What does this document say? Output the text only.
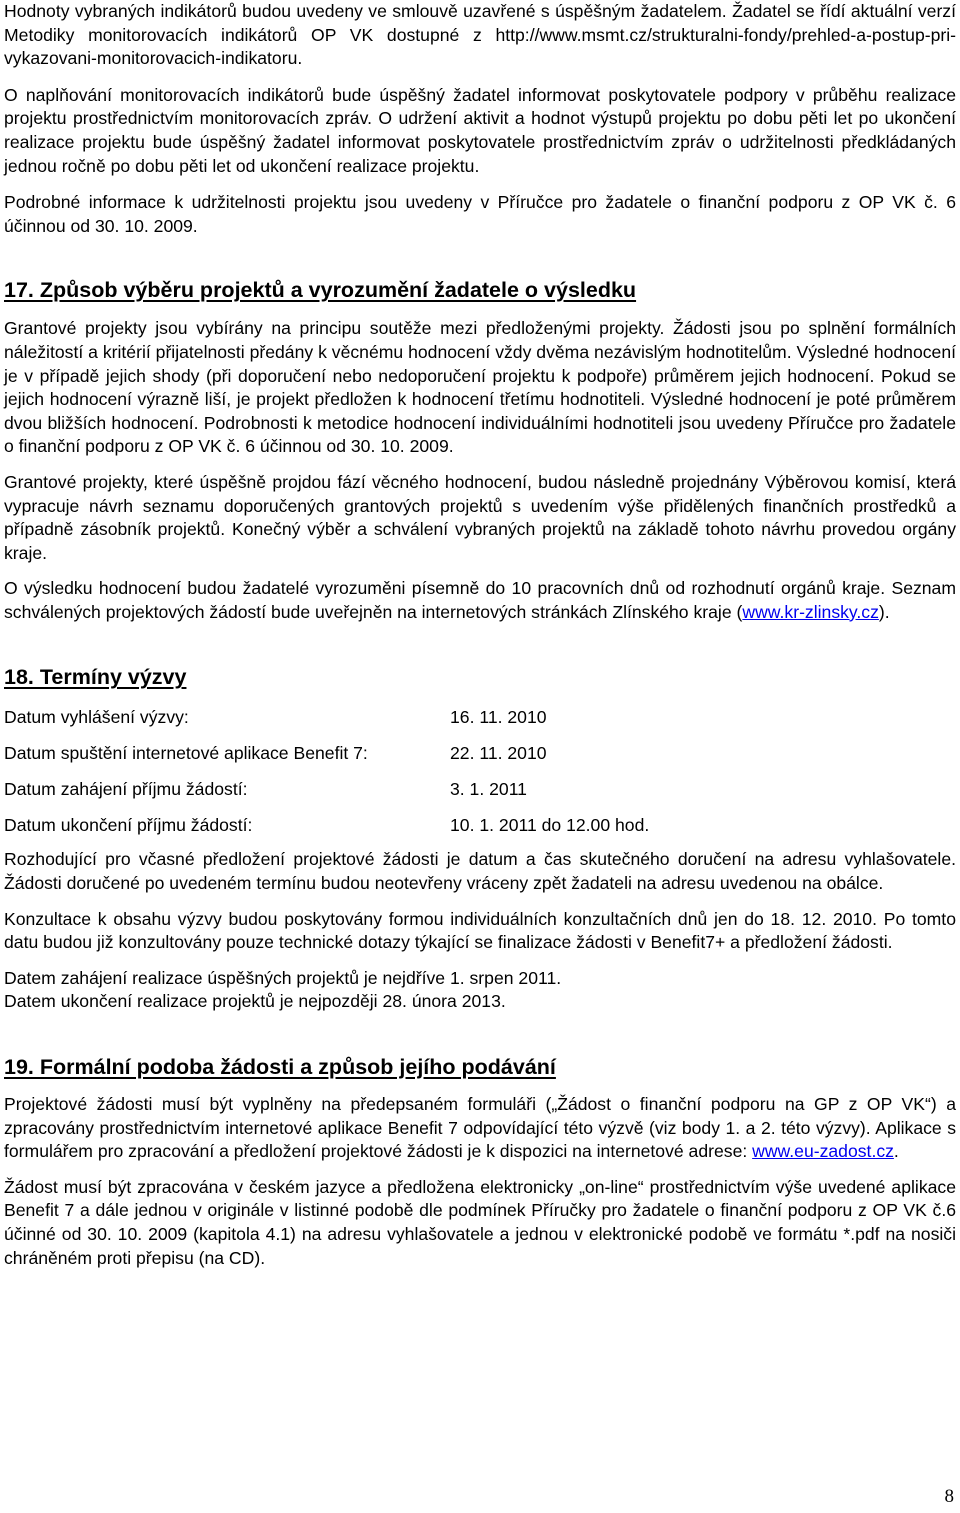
Hodnoty vybraných indikátorů budou uvedeny ve smlouvě uzavřené s úspěšným žadatelem. Žadatel se řídí aktuální verzí Metodiky monitorovacích indikátorů OP VK dostupné z http://www.msmt.cz/strukturalni-fondy/prehled-a-postup-pri-vykazovani-monitorovacich-indikatoru.

O naplňování monitorovacích indikátorů bude úspěšný žadatel informovat poskytovatele podpory v průběhu realizace projektu prostřednictvím monitorovacích zpráv. O udržení aktivit a hodnot výstupů projektu po dobu pěti let po ukončení realizace projektu bude úspěšný žadatel informovat poskytovatele prostřednictvím zpráv o udržitelnosti předkládaných jednou ročně po dobu pěti let od ukončení realizace projektu.

Podrobné informace k udržitelnosti projektu jsou uvedeny v Příručce pro žadatele o finanční podporu z OP VK č. 6 účinnou od 30. 10. 2009.

17. Způsob výběru projektů a vyrozumění žadatele o výsledku

Grantové projekty jsou vybírány na principu soutěže mezi předloženými projekty. Žádosti jsou po splnění formálních náležitostí a kritérií přijatelnosti předány k věcnému hodnocení vždy dvěma nezávislým hodnotitelům. Výsledné hodnocení je v případě jejich shody (při doporučení nebo nedoporučení projektu k podpoře) průměrem jejich hodnocení. Pokud se jejich hodnocení výrazně liší, je projekt předložen k hodnocení třetímu hodnotiteli. Výsledné hodnocení je poté průměrem dvou bližších hodnocení. Podrobnosti k metodice hodnocení individuálními hodnotiteli jsou uvedeny Příručce pro žadatele o finanční podporu z OP VK č. 6 účinnou od 30. 10. 2009.

Grantové projekty, které úspěšně projdou fází věcného hodnocení, budou následně projednány Výběrovou komisí, která vypracuje návrh seznamu doporučených grantových projektů s uvedením výše přidělených finančních prostředků a případně zásobník projektů. Konečný výběr a schválení vybraných projektů na základě tohoto návrhu provedou orgány kraje.

O výsledku hodnocení budou žadatelé vyrozuměni písemně do 10 pracovních dnů od rozhodnutí orgánů kraje. Seznam schválených projektových žádostí bude uveřejněn na internetových stránkách Zlínského kraje (www.kr-zlinsky.cz).

18. Termíny výzvy
Datum vyhlášení výzvy:	16. 11. 2010
Datum spuštění internetové aplikace Benefit 7:	22. 11. 2010
Datum zahájení příjmu žádostí:	3. 1. 2011
Datum ukončení příjmu žádostí:	10. 1. 2011 do 12.00 hod.

Rozhodující pro včasné předložení projektové žádosti je datum a čas skutečného doručení na adresu vyhlašovatele. Žádosti doručené po uvedeném termínu budou neotevřeny vráceny zpět žadateli na adresu uvedenou na obálce.

Konzultace k obsahu výzvy budou poskytovány formou individuálních konzultačních dnů jen do 18. 12. 2010. Po tomto datu budou již konzultovány pouze technické dotazy týkající se finalizace žádosti v Benefit7+ a předložení žádosti.

Datem zahájení realizace úspěšných projektů je nejdříve 1. srpen 2011.
Datem ukončení realizace projektů je nejpozději 28. února 2013.

19. Formální podoba žádosti a způsob jejího podávání

Projektové žádosti musí být vyplněny na předepsaném formuláři („Žádost o finanční podporu na GP z OP VK“) a zpracovány prostřednictvím internetové aplikace Benefit 7 odpovídající této výzvě (viz body 1. a 2. této výzvy). Aplikace s formulářem pro zpracování a předložení projektové žádosti je k dispozici na internetové adrese: www.eu-zadost.cz.

Žádost musí být zpracována v českém jazyce a předložena elektronicky „on-line“ prostřednictvím výše uvedené aplikace Benefit 7 a dále jednou v originále v listinné podobě dle podmínek Příručky pro žadatele o finanční podporu z OP VK č.6 účinné od 30. 10. 2009 (kapitola 4.1) na adresu vyhlašovatele a jednou v elektronické podobě ve formátu *.pdf na nosiči chráněném proti přepisu (na CD).

8
